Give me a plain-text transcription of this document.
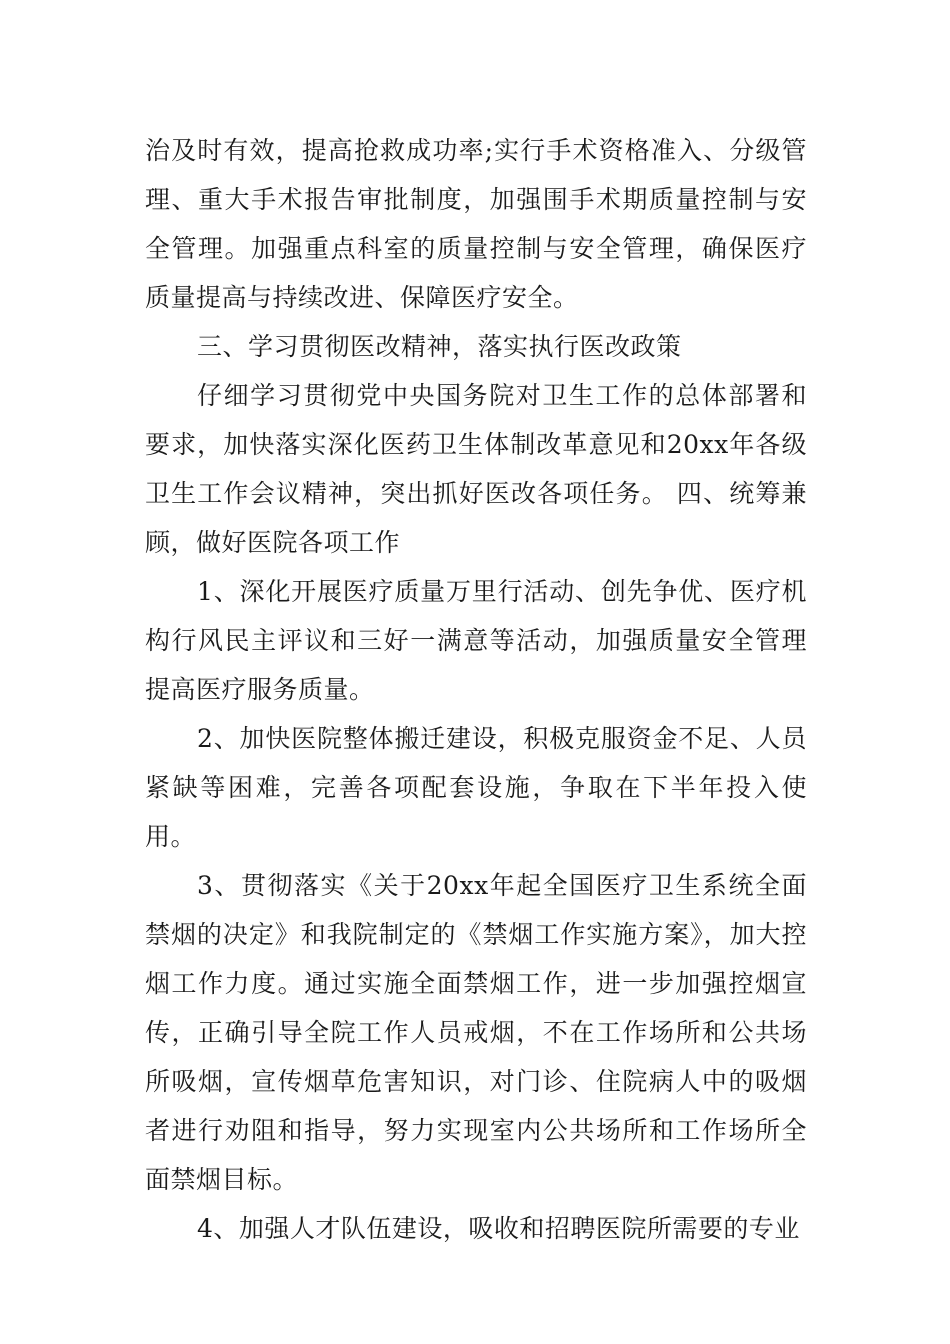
治及时有效，提高抢救成功率;实行手术资格准入、分级管理、重大手术报告审批制度，加强围手术期质量控制与安全管理。加强重点科室的质量控制与安全管理，确保医疗质量提高与持续改进、保障医疗安全。

三、学习贯彻医改精神，落实执行医改政策

仔细学习贯彻党中央国务院对卫生工作的总体部署和要求，加快落实深化医药卫生体制改革意见和20xx年各级卫生工作会议精神，突出抓好医改各项任务。 四、统筹兼顾，做好医院各项工作

1、深化开展医疗质量万里行活动、创先争优、医疗机构行风民主评议和三好一满意等活动，加强质量安全管理提高医疗服务质量。

2、加快医院整体搬迁建设，积极克服资金不足、人员紧缺等困难，完善各项配套设施，争取在下半年投入使用。

3、贯彻落实《关于20xx年起全国医疗卫生系统全面禁烟的决定》和我院制定的《禁烟工作实施方案》，加大控烟工作力度。通过实施全面禁烟工作，进一步加强控烟宣传，正确引导全院工作人员戒烟，不在工作场所和公共场所吸烟，宣传烟草危害知识，对门诊、住院病人中的吸烟者进行劝阻和指导，努力实现室内公共场所和工作场所全面禁烟目标。

4、加强人才队伍建设，吸收和招聘医院所需要的专业
